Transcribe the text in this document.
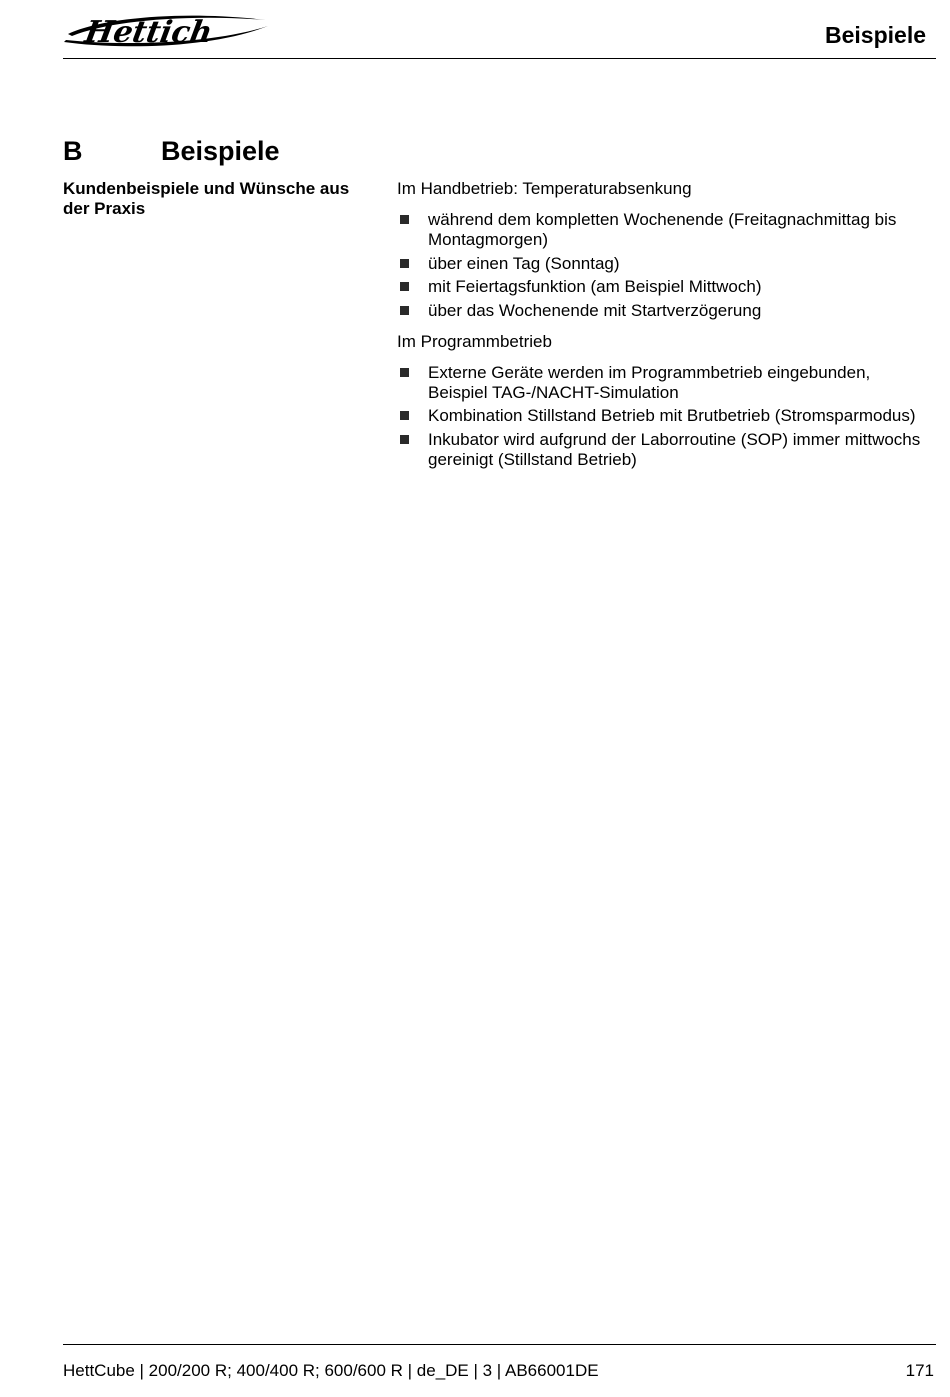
Hettich	Beispiele
B	Beispiele
Kundenbeispiele und Wünsche aus der Praxis

Im Handbetrieb: Temperaturabsenkung

während dem kompletten Wochenende (Freitagnachmittag bis Montagmorgen)
über einen Tag (Sonntag)
mit Feiertagsfunktion (am Beispiel Mittwoch)
über das Wochenende mit Startverzögerung

Im Programmbetrieb

Externe Geräte werden im Programmbetrieb eingebunden, Beispiel TAG-/NACHT-Simulation
Kombination Stillstand Betrieb mit Brutbetrieb (Stromsparmodus)
Inkubator wird aufgrund der Laborroutine (SOP) immer mittwochs gereinigt (Stillstand Betrieb)
HettCube | 200/200 R; 400/400 R; 600/600 R | de_DE | 3 | AB66001DE	171
